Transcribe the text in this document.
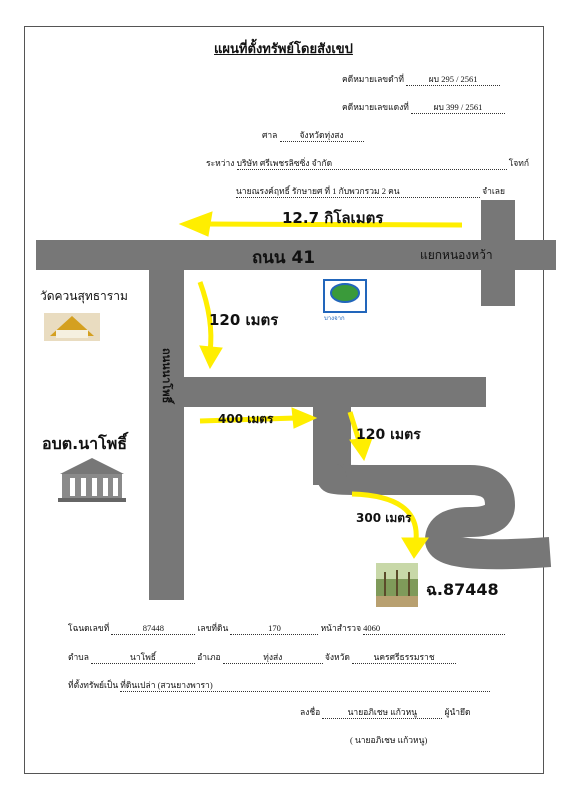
แผนที่ตั้งทรัพย์โดยสังเขป
คดีหมายเลขดำที่	ผบ 295 / 2561
คดีหมายเลขแดงที่	ผบ 399 / 2561
ศาล	จังหวัดทุ่งสง
ระหว่าง บริษัท ศรีเพชรลิซซิ่ง จำกัด	โจทก์
นายณรงค์ฤทธิ์ รักษายศ ที่ 1 กับพวกรวม 2 คน	จำเลย
12.7 กิโลเมตร
ถนน 41	แยกหนองหว้า
วัดควนสุทธาราม
120 เมตร	บางจาก
ถนนนาโพธิ์
400 เมตร
120 เมตร
อบต.นาโพธิ์
300 เมตร
ฉ.87448
โฉนดเลขที่	87448	เลขที่ดิน	170	หน้าสำรวจ 4060
ตำบล	นาโพธิ์	อำเภอ	ทุ่งส่ง	จังหวัด	นครศรีธรรมราช
ที่ตั้งทรัพย์เป็น ที่ดินเปล่า (สวนยางพารา)
ลงชื่อ	นายอภิเชษ แก้วหนู	ผู้นำยึด
( นายอภิเชษ แก้วหนู)
